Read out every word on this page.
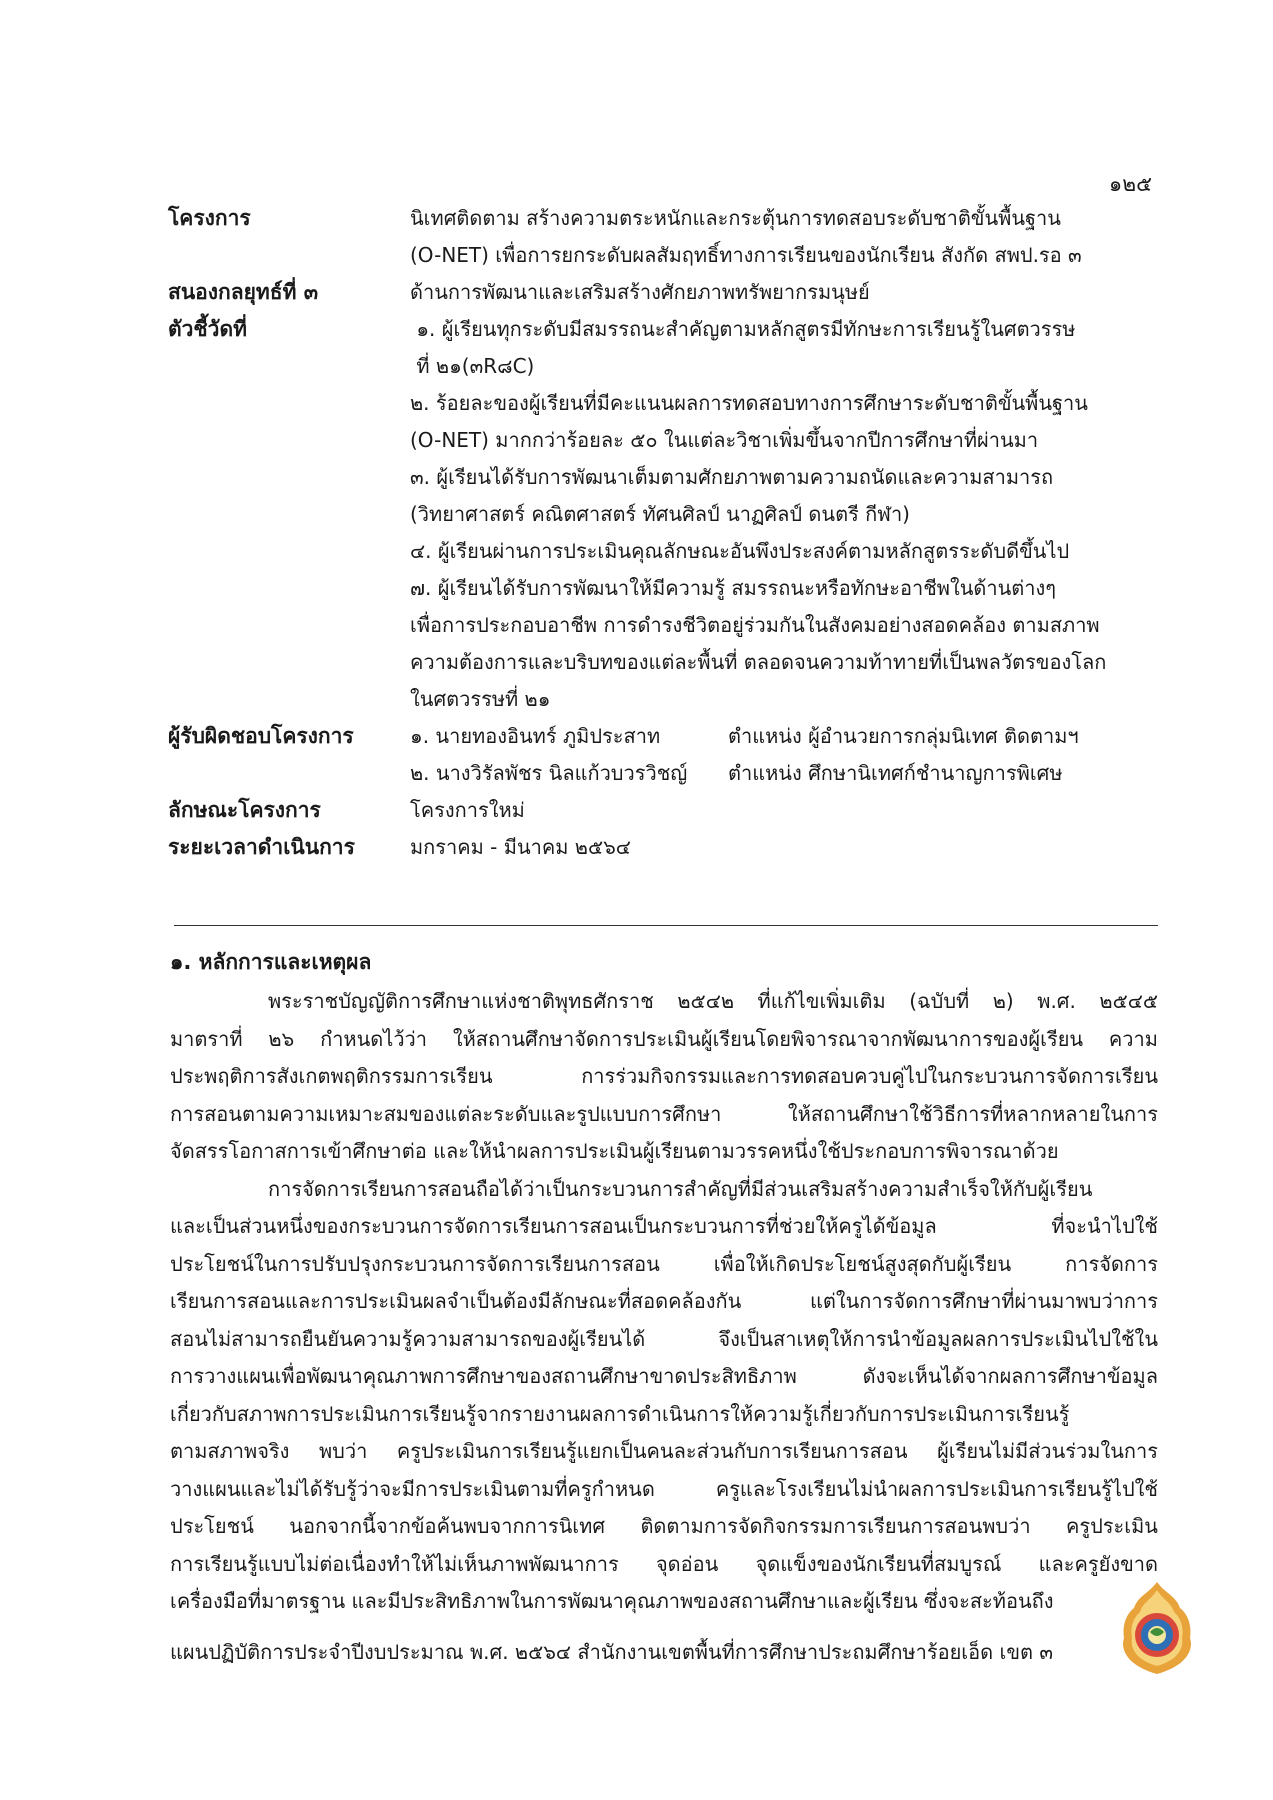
๑๒๕
โครงการ	นิเทศติดตาม สร้างความตระหนักและกระตุ้นการทดสอบระดับชาติขั้นพื้นฐาน
(O-NET) เพื่อการยกระดับผลสัมฤทธิ์ทางการเรียนของนักเรียน สังกัด สพป.รอ ๓
สนองกลยุทธ์ที่ ๓	ด้านการพัฒนาและเสริมสร้างศักยภาพทรัพยากรมนุษย์
ตัวชี้วัดที่	๑. ผู้เรียนทุกระดับมีสมรรถนะสำคัญตามหลักสูตรมีทักษะการเรียนรู้ในศตวรรษ
ที่ ๒๑(๓R๘C)
๒. ร้อยละของผู้เรียนที่มีคะแนนผลการทดสอบทางการศึกษาระดับชาติขั้นพื้นฐาน
(O-NET) มากกว่าร้อยละ ๕๐ ในแต่ละวิชาเพิ่มขึ้นจากปีการศึกษาที่ผ่านมา
๓. ผู้เรียนได้รับการพัฒนาเต็มตามศักยภาพตามความถนัดและความสามารถ
(วิทยาศาสตร์ คณิตศาสตร์ ทัศนศิลป์ นาฏศิลป์ ดนตรี กีฬา)
๔. ผู้เรียนผ่านการประเมินคุณลักษณะอันพึงประสงค์ตามหลักสูตรระดับดีขึ้นไป
๗. ผู้เรียนได้รับการพัฒนาให้มีความรู้ สมรรถนะหรือทักษะอาชีพในด้านต่างๆ
เพื่อการประกอบอาชีพ การดำรงชีวิตอยู่ร่วมกันในสังคมอย่างสอดคล้อง ตามสภาพ
ความต้องการและบริบทของแต่ละพื้นที่ ตลอดจนความท้าทายที่เป็นพลวัตรของโลก
ในศตวรรษที่ ๒๑
ผู้รับผิดชอบโครงการ	๑. นายทองอินทร์ ภูมิประสาท	ตำแหน่ง ผู้อำนวยการกลุ่มนิเทศ ติดตามฯ
๒. นางวิรัลพัชร นิลแก้วบวรวิชญ์	ตำแหน่ง ศึกษานิเทศก์ชำนาญการพิเศษ
ลักษณะโครงการ	โครงการใหม่
ระยะเวลาดำเนินการ	มกราคม - มีนาคม ๒๕๖๔
๑. หลักการและเหตุผล
พระราชบัญญัติการศึกษาแห่งชาติพุทธศักราช ๒๕๔๒ ที่แก้ไขเพิ่มเติม (ฉบับที่ ๒) พ.ศ. ๒๕๔๕
มาตราที่ ๒๖ กำหนดไว้ว่า ให้สถานศึกษาจัดการประเมินผู้เรียนโดยพิจารณาจากพัฒนาการของผู้เรียน ความ
ประพฤติการสังเกตพฤติกรรมการเรียน	การร่วมกิจกรรมและการทดสอบควบคู่ไปในกระบวนการจัดการเรียน
การสอนตามความเหมาะสมของแต่ละระดับและรูปแบบการศึกษา	ให้สถานศึกษาใช้วิธีการที่หลากหลายในการ
จัดสรรโอกาสการเข้าศึกษาต่อ และให้นำผลการประเมินผู้เรียนตามวรรคหนึ่งใช้ประกอบการพิจารณาด้วย
การจัดการเรียนการสอนถือได้ว่าเป็นกระบวนการสำคัญที่มีส่วนเสริมสร้างความสำเร็จให้กับผู้เรียน
และเป็นส่วนหนึ่งของกระบวนการจัดการเรียนการสอนเป็นกระบวนการที่ช่วยให้ครูได้ข้อมูล	ที่จะนำไปใช้
ประโยชน์ในการปรับปรุงกระบวนการจัดการเรียนการสอน	เพื่อให้เกิดประโยชน์สูงสุดกับผู้เรียน	การจัดการ
เรียนการสอนและการประเมินผลจำเป็นต้องมีลักษณะที่สอดคล้องกัน	แต่ในการจัดการศึกษาที่ผ่านมาพบว่าการ
สอนไม่สามารถยืนยันความรู้ความสามารถของผู้เรียนได้	จึงเป็นสาเหตุให้การนำข้อมูลผลการประเมินไปใช้ใน
การวางแผนเพื่อพัฒนาคุณภาพการศึกษาของสถานศึกษาขาดประสิทธิภาพ	ดังจะเห็นได้จากผลการศึกษาข้อมูล
เกี่ยวกับสภาพการประเมินการเรียนรู้จากรายงานผลการดำเนินการให้ความรู้เกี่ยวกับการประเมินการเรียนรู้
ตามสภาพจริง พบว่า ครูประเมินการเรียนรู้แยกเป็นคนละส่วนกับการเรียนการสอน ผู้เรียนไม่มีส่วนร่วมในการ
วางแผนและไม่ได้รับรู้ว่าจะมีการประเมินตามที่ครูกำหนด	ครูและโรงเรียนไม่นำผลการประเมินการเรียนรู้ไปใช้
ประโยชน์ นอกจากนี้จากข้อค้นพบจากการนิเทศ ติดตามการจัดกิจกรรมการเรียนการสอนพบว่า ครูประเมิน
การเรียนรู้แบบไม่ต่อเนื่องทำให้ไม่เห็นภาพพัฒนาการ จุดอ่อน จุดแข็งของนักเรียนที่สมบูรณ์ และครูยังขาด
เครื่องมือที่มาตรฐาน และมีประสิทธิภาพในการพัฒนาคุณภาพของสถานศึกษาและผู้เรียน ซึ่งจะสะท้อนถึง
แผนปฏิบัติการประจำปีงบประมาณ พ.ศ. ๒๕๖๔ สำนักงานเขตพื้นที่การศึกษาประถมศึกษาร้อยเอ็ด เขต ๓
